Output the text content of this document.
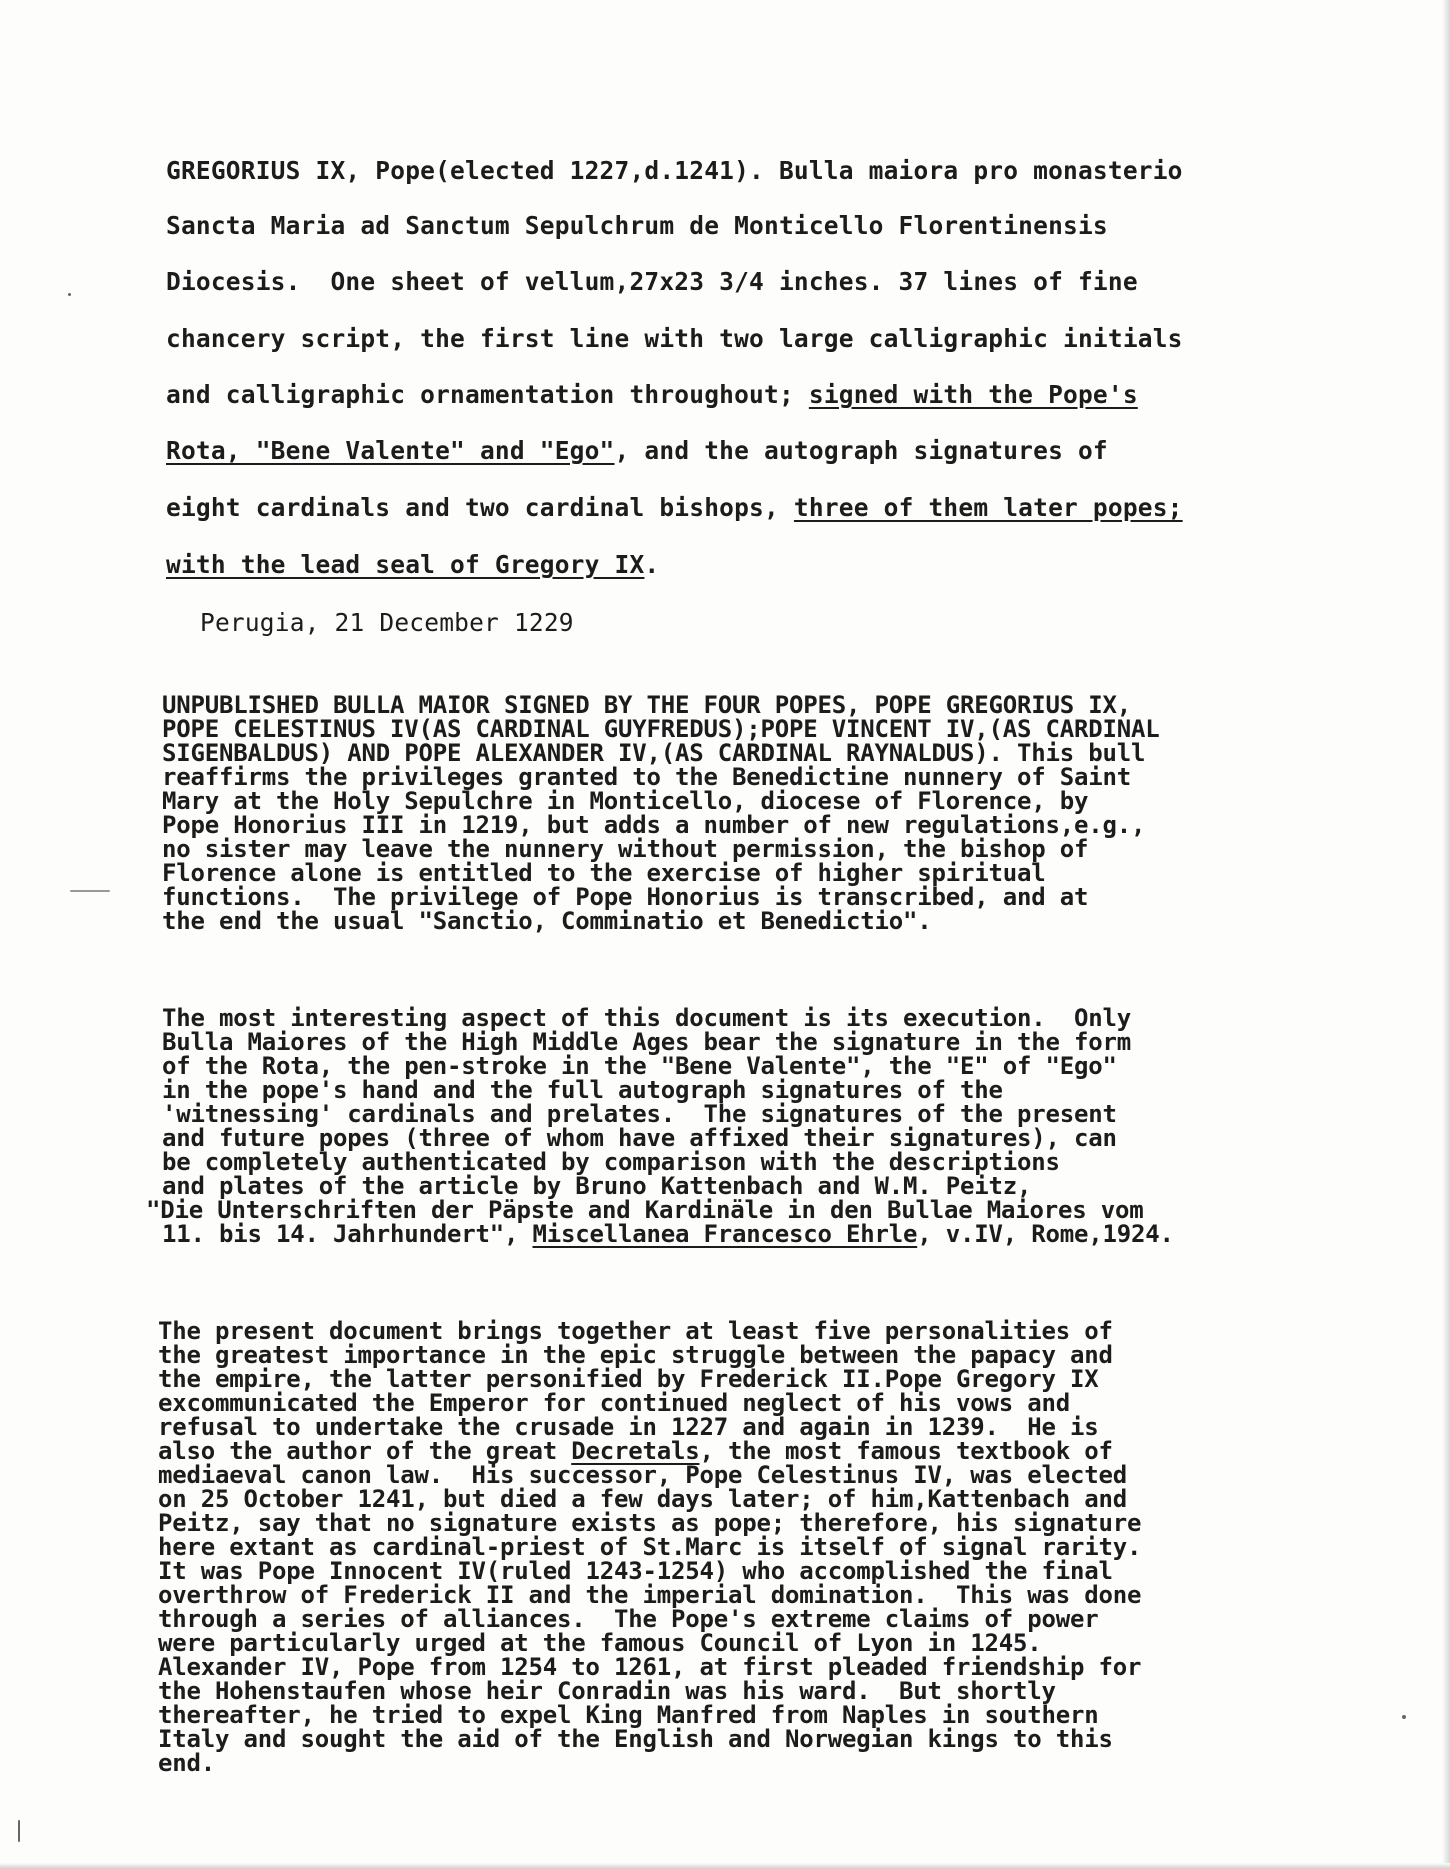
GREGORIUS IX, Pope(elected 1227,d.1241). Bulla maiora pro monasterio

Sancta Maria ad Sanctum Sepulchrum de Monticello Florentinensis

Diocesis.  One sheet of vellum,27x23 3/4 inches. 37 lines of fine

chancery script, the first line with two large calligraphic initials

and calligraphic ornamentation throughout; signed with the Pope's

Rota, "Bene Valente" and "Ego", and the autograph signatures of

eight cardinals and two cardinal bishops, three of them later popes;

with the lead seal of Gregory IX.

Perugia, 21 December 1229

UNPUBLISHED BULLA MAIOR SIGNED BY THE FOUR POPES, POPE GREGORIUS IX,

POPE CELESTINUS IV(AS CARDINAL GUYFREDUS);POPE VINCENT IV,(AS CARDINAL

SIGENBALDUS) AND POPE ALEXANDER IV,(AS CARDINAL RAYNALDUS). This bull

reaffirms the privileges granted to the Benedictine nunnery of Saint

Mary at the Holy Sepulchre in Monticello, diocese of Florence, by

Pope Honorius III in 1219, but adds a number of new regulations,e.g.,

no sister may leave the nunnery without permission, the bishop of

Florence alone is entitled to the exercise of higher spiritual

functions.  The privilege of Pope Honorius is transcribed, and at

the end the usual "Sanctio, Comminatio et Benedictio".

The most interesting aspect of this document is its execution.  Only

Bulla Maiores of the High Middle Ages bear the signature in the form

of the Rota, the pen-stroke in the "Bene Valente", the "E" of "Ego"

in the pope's hand and the full autograph signatures of the

'witnessing' cardinals and prelates.  The signatures of the present

and future popes (three of whom have affixed their signatures), can

be completely authenticated by comparison with the descriptions

and plates of the article by Bruno Kattenbach and W.M. Peitz,

"Die Unterschriften der Päpste and Kardinäle in den Bullae Maiores vom

11. bis 14. Jahrhundert", Miscellanea Francesco Ehrle, v.IV, Rome,1924.

The present document brings together at least five personalities of

the greatest importance in the epic struggle between the papacy and

the empire, the latter personified by Frederick II.Pope Gregory IX

excommunicated the Emperor for continued neglect of his vows and

refusal to undertake the crusade in 1227 and again in 1239.  He is

also the author of the great Decretals, the most famous textbook of

mediaeval canon law.  His successor, Pope Celestinus IV, was elected

on 25 October 1241, but died a few days later; of him,Kattenbach and

Peitz, say that no signature exists as pope; therefore, his signature

here extant as cardinal-priest of St.Marc is itself of signal rarity.

It was Pope Innocent IV(ruled 1243-1254) who accomplished the final

overthrow of Frederick II and the imperial domination.  This was done

through a series of alliances.  The Pope's extreme claims of power

were particularly urged at the famous Council of Lyon in 1245.

Alexander IV, Pope from 1254 to 1261, at first pleaded friendship for

the Hohenstaufen whose heir Conradin was his ward.  But shortly

thereafter, he tried to expel King Manfred from Naples in southern

Italy and sought the aid of the English and Norwegian kings to this

end.
